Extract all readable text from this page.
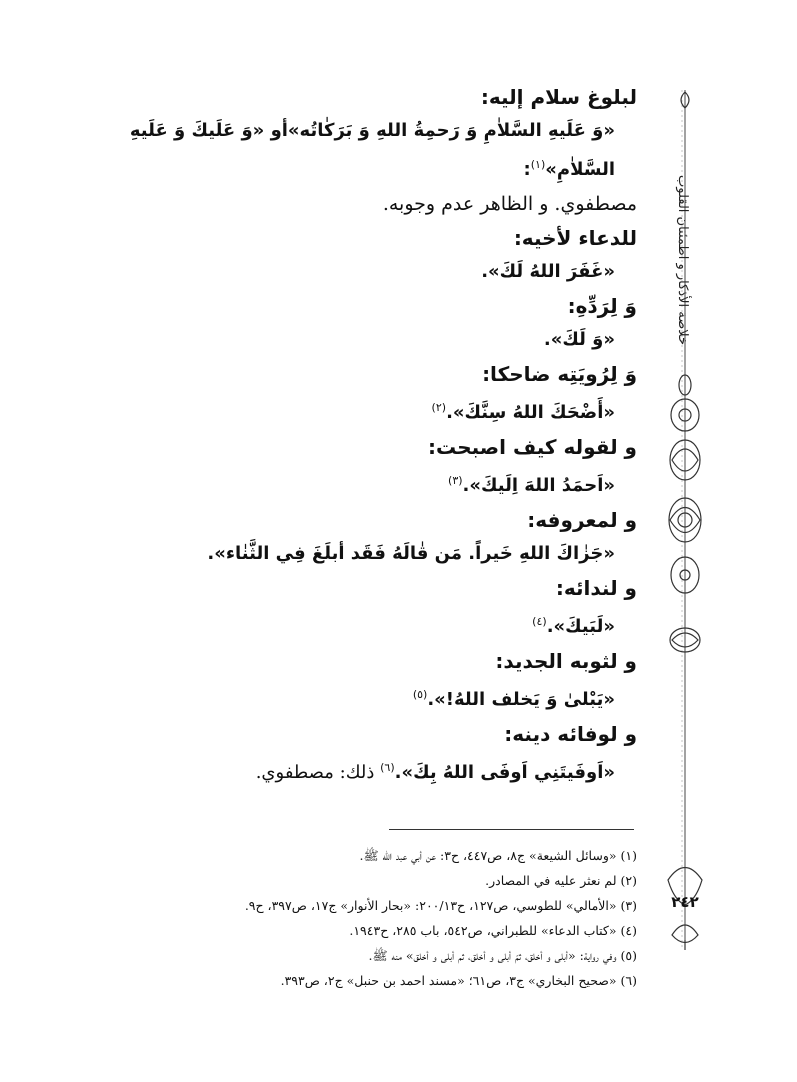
خلاصة الأذكار و اطمئنان القلوب
٢٤٢

لبلوغ سلام إليه:

«وَ عَلَيهِ السَّلاٰمِ وَ رَحمِةُ اللهِ وَ بَرَكٰاتُه»أو «وَ عَلَيكَ وَ عَلَيهِ السَّلاٰمِ»$^{(١)}$:

مصطفوي. و الظاهر عدم وجوبه.

للدعاء لأخيه:

«غَفَرَ اللهُ لَكَ».

وَ لِرَدِّهِ:

«وَ لَكَ».

وَ لِرُويَتِه ضاحكا:

«أَضْحَكَ اللهُ سِنَّكَ».$^{(٢)}$

و لقوله كيف اصبحت:

«اَحمَدُ اللهَ اِلَيكَ».$^{(٣)}$

و لمعروفه:

«جَزٰاكَ اللهِ خَيراً. مَن قٰالَهُ فَقَد أبلَغَ فِي الثَّنٰاء».

و لندائه:

«لَبَيكَ».$^{(٤)}$

و لثوبه الجديد:

«يَبْلىٰ وَ يَخلف اللهُ!».$^{(٥)}$

و لوفائه دينه:

«اَوفَيتَنِي اَوفَى اللهُ بِكَ».$^{(٦)}$ ذلك: مصطفوي.

(١) «وسائل الشيعة» ج٨، ص٤٤٧، ح٣: عن أبي عبد الله ﷺ.

(٢) لم نعثر عليه في المصادر.

(٣) «الأمالي» للطوسي، ص١٢٧، ح٢٠٠/١٣: «بحار الأنوار» ج١٧، ص٣٩٧، ح٩.

(٤) «كتاب الدعاء» للطبراني، ص٥٤٢، باب ٢٨٥، ح١٩٤٣.

(٥) وفي رواية: «أبلى و أخلق، ثمّ أبلى و أخلق، ثم أبلى و أخلق» منه ﷺ.

(٦) «صحيح البخاري» ج٣، ص٦١؛ «مسند احمد بن حنبل» ج٢، ص٣٩٣.
